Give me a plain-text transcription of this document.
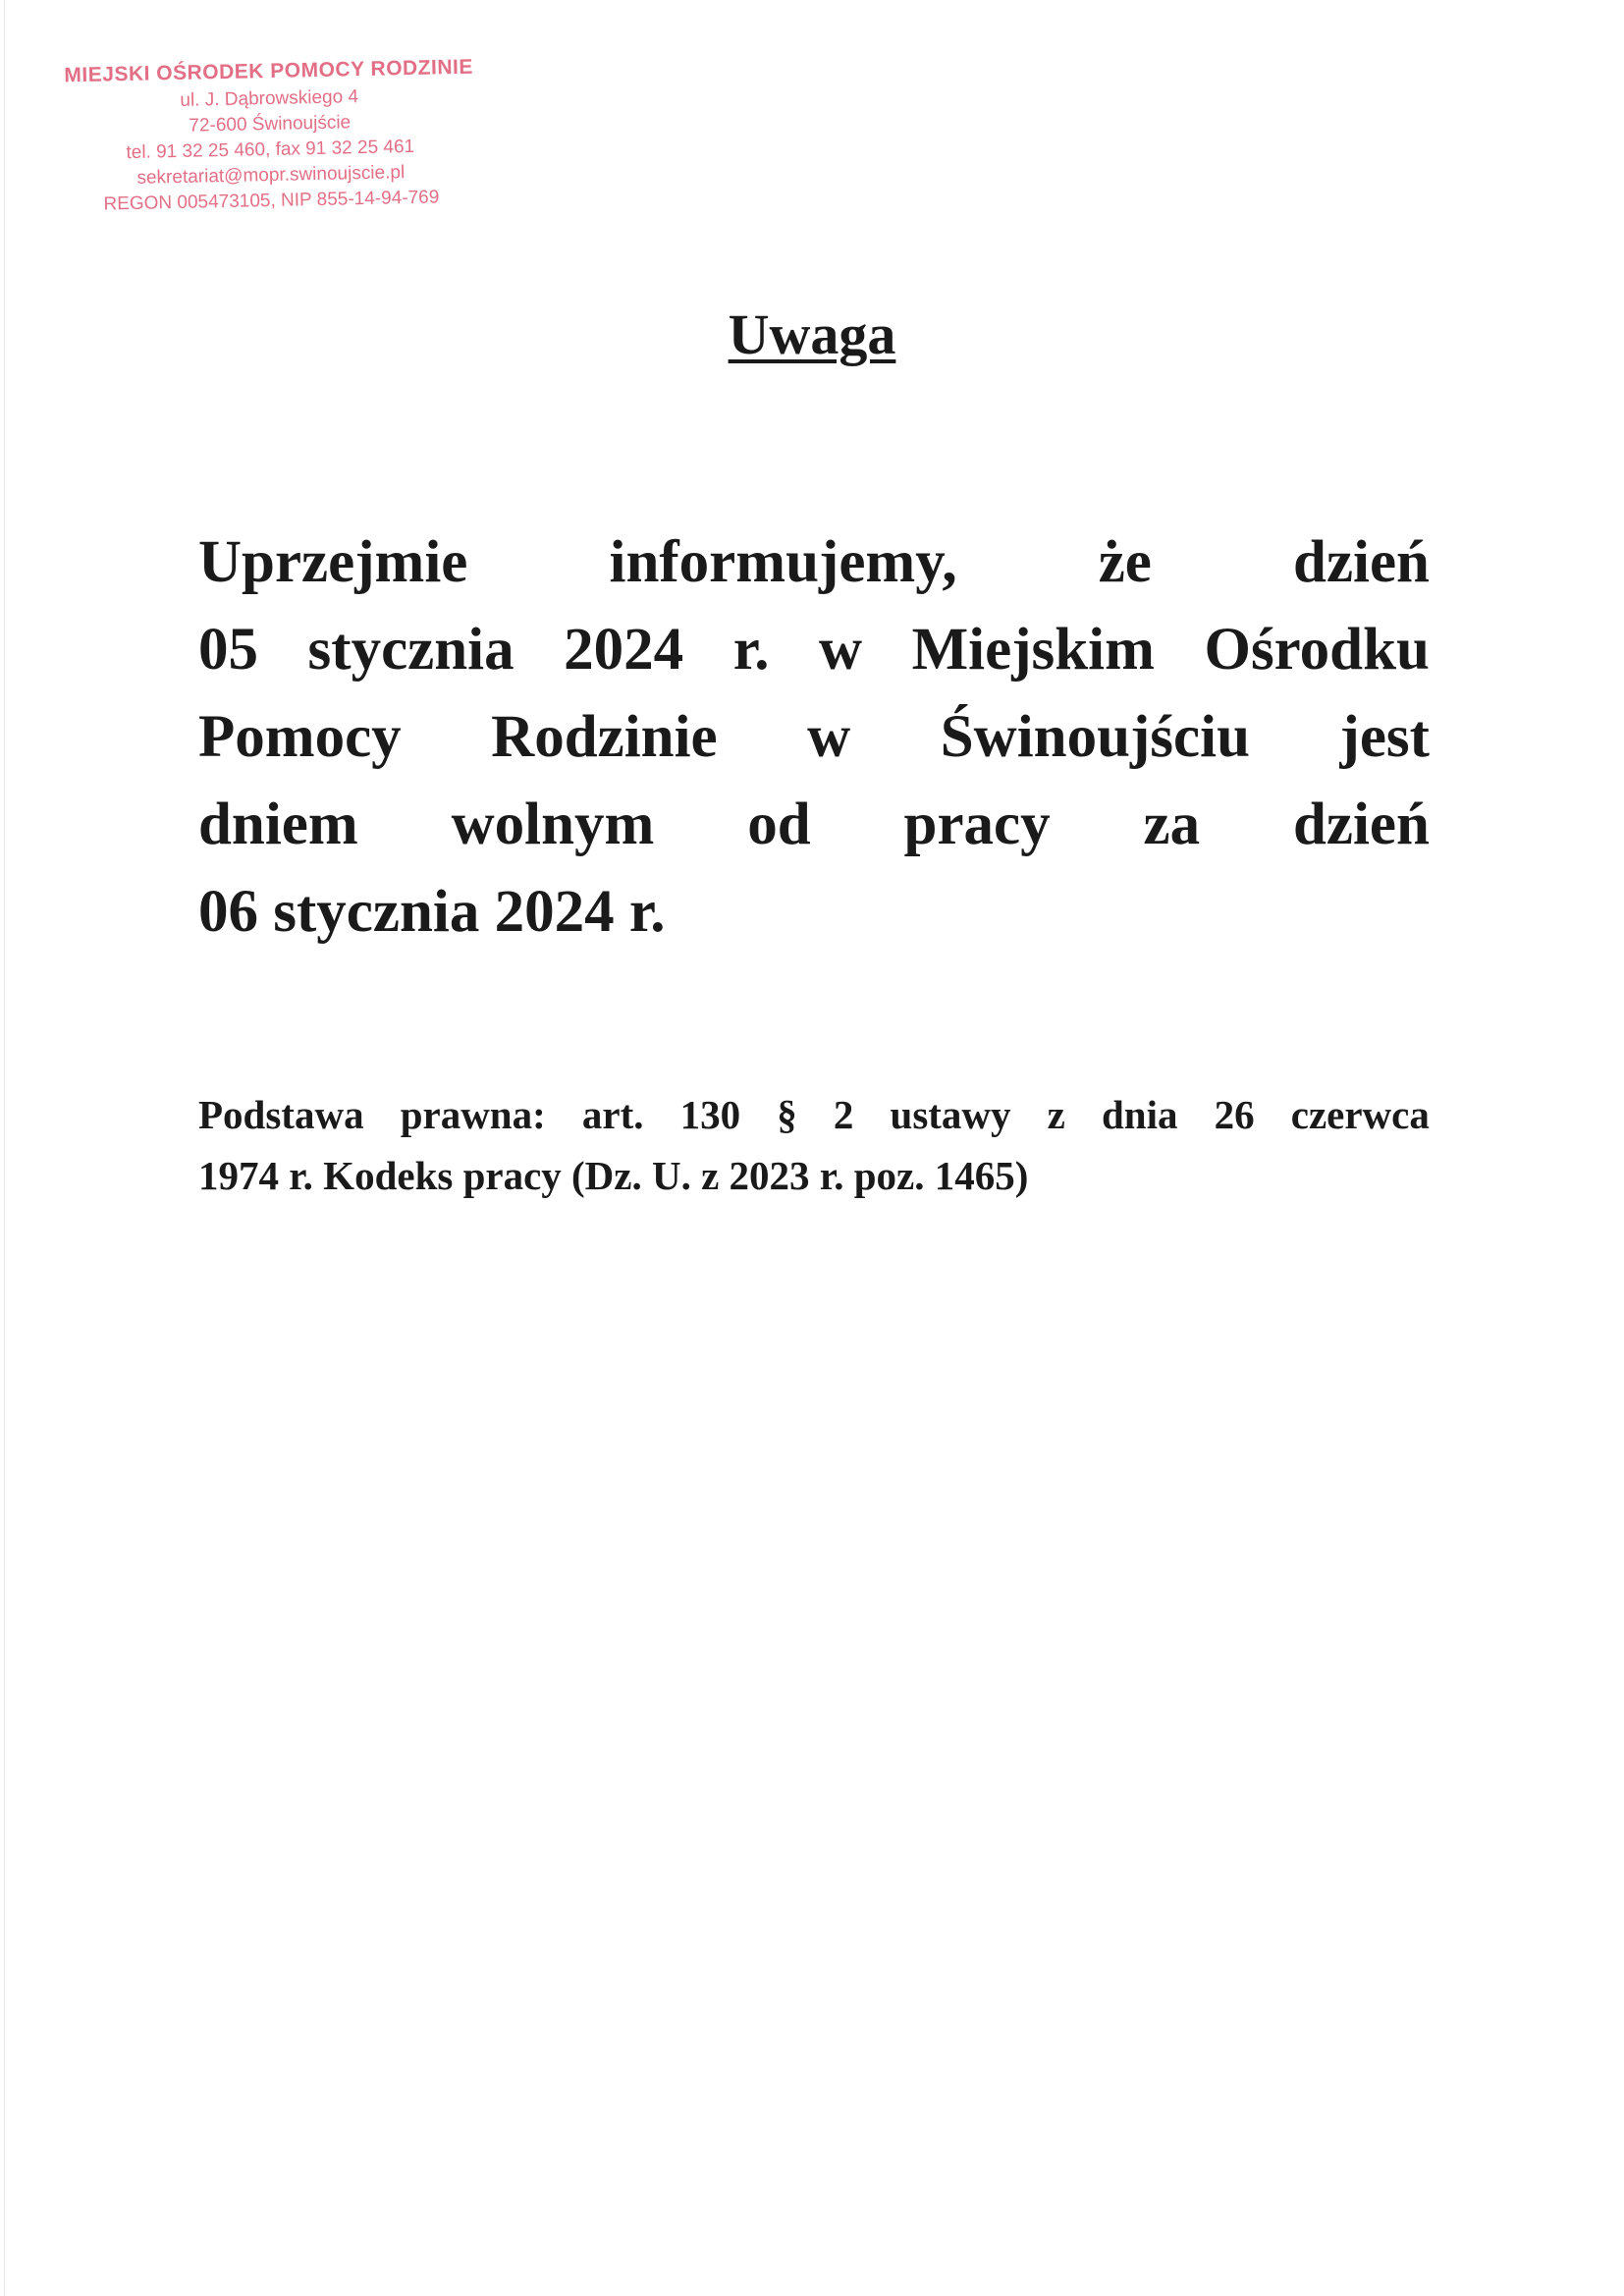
MIEJSKI OŚRODEK POMOCY RODZINIE
ul. J. Dąbrowskiego 4
72-600 Świnoujście
tel. 91 32 25 460, fax 91 32 25 461
sekretariat@mopr.swinoujscie.pl
REGON 005473105, NIP 855-14-94-769
Uwaga

Uprzejmie informujemy, że dzień
05 stycznia 2024 r. w Miejskim Ośrodku
Pomocy Rodzinie w Świnoujściu jest
dniem wolnym od pracy za dzień
06 stycznia 2024 r.

Podstawa prawna: art. 130 § 2 ustawy z dnia 26 czerwca
1974 r. Kodeks pracy (Dz. U. z 2023 r. poz. 1465)
